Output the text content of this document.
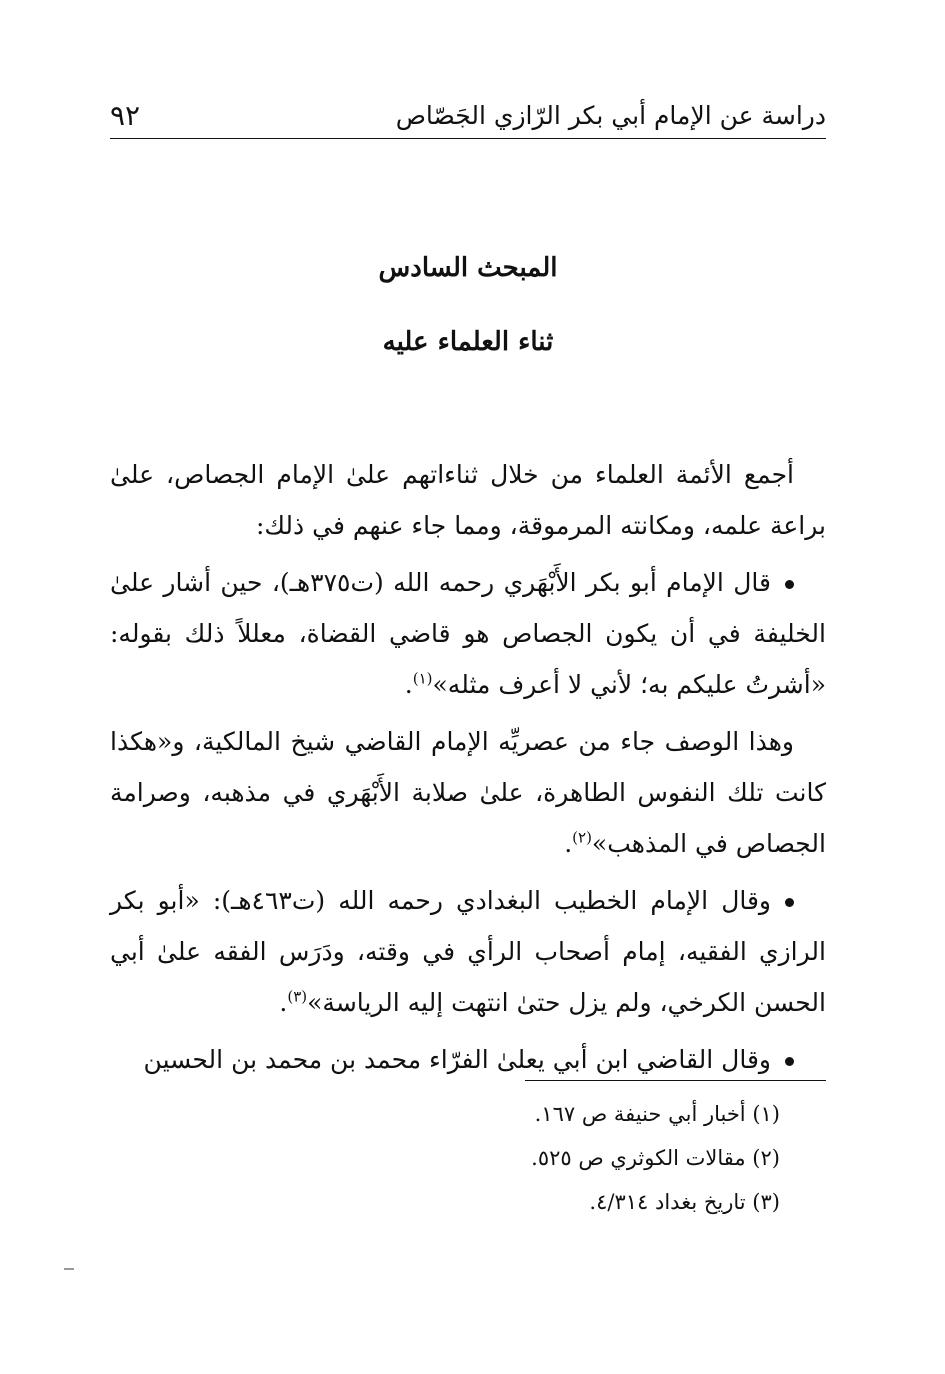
دراسة عن الإمام أبي بكر الرّازي الجَصّاص
٩٢
المبحث السادس
ثناء العلماء عليه

أجمع الأئمة العلماء من خلال ثناءاتهم علىٰ الإمام الجصاص، علىٰ براعة علمه، ومكانته المرموقة، ومما جاء عنهم في ذلك:

قال الإمام أبو بكر الأَبْهَري رحمه الله (ت٣٧٥هـ)، حين أشار علىٰ الخليفة في أن يكون الجصاص هو قاضي القضاة، معللاً ذلك بقوله: «أشرتُ عليكم به؛ لأني لا أعرف مثله»$^{(١)}$.

وهذا الوصف جاء من عصريِّه الإمام القاضي شيخ المالكية، و«هكذا كانت تلك النفوس الطاهرة، علىٰ صلابة الأَبْهَري في مذهبه، وصرامة الجصاص في المذهب»$^{(٢)}$.

وقال الإمام الخطيب البغدادي رحمه الله (ت٤٦٣هـ): «أبو بكر الرازي الفقيه، إمام أصحاب الرأي في وقته، ودَرَس الفقه علىٰ أبي الحسن الكرخي، ولم يزل حتىٰ انتهت إليه الرياسة»$^{(٣)}$.

وقال القاضي ابن أبي يعلىٰ الفرّاء محمد بن محمد بن الحسين

(١) أخبار أبي حنيفة ص ١٦٧.

(٢) مقالات الكوثري ص ٥٢٥.

(٣) تاريخ بغداد ٤/٣١٤.
